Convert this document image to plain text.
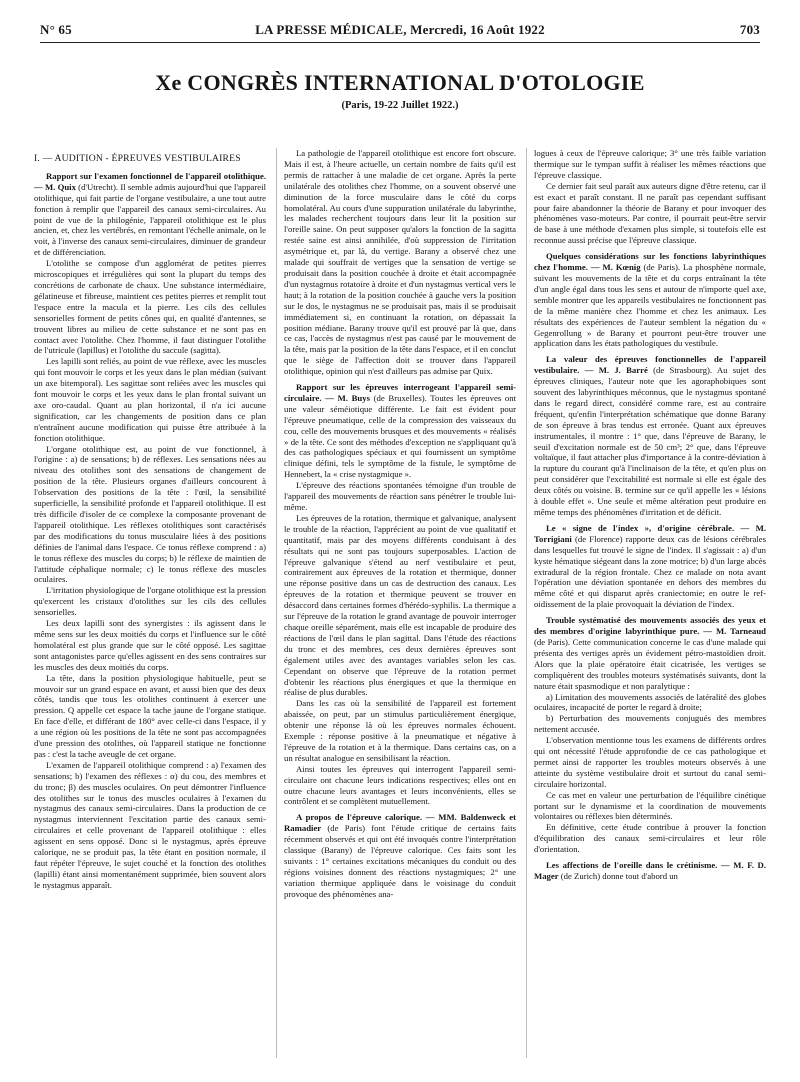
N° 65	LA PRESSE MÉDICALE, Mercredi, 16 Août 1922	703
Xe CONGRÈS INTERNATIONAL D'OTOLOGIE
(Paris, 19-22 Juillet 1922.)
I. — AUDITION - ÉPREUVES VESTIBULAIRES

Rapport sur l'examen fonctionnel de l'appareil otolithique. — M. Quix (d'Utrecht). Il semble admis aujourd'hui que l'appareil otolithique, qui fait partie de l'organe vestibulaire, a une tout autre fonction à remplir que l'appareil des canaux semi-circulaires. Au point de vue de la philogénie, l'appareil otolithique est le plus ancien, et, chez les vertébrés, en remontant l'échelle animale, on le voit, à l'inverse des canaux semi-circulaires, diminuer de grandeur et de différenciation.

L'otolithe se compose d'un agglomérat de petites pierres microscopiques et irrégulières qui sont la plupart du temps des concrétions de carbonate de chaux. Une substance intermédiaire, gélatineuse et fibreuse, maintient ces petites pierres et remplit tout l'espace entre la macula et la pierre. Les cils des cellules sensorielles forment de petits cônes qui, en qualité d'antennes, se trouvent libres au milieu de cette substance et ne sont pas en contact avec l'otolithe. Chez l'homme, il faut distinguer l'otolithe de l'utricule (lapillus) et l'otolithe du saccule (sagitta).

Les lapilli sont reliés, au point de vue réflexe, avec les muscles qui font mouvoir le corps et les yeux dans le plan médian (suivant un axe bitemporal). Les sagittae sont reliées avec les muscles qui font mouvoir le corps et les yeux dans le plan frontal suivant un axe oro-caudal. Quant au plan horizontal, il n'a ici aucune signification, car les changements de position dans ce plan n'entraînent aucune modification qui puisse être attribuée à la fonction otolithique.

L'organe otolithique est, au point de vue fonctionnel, à l'origine : a) de sensations; b) de réflexes. Les sensations nées au niveau des otolithes sont des sensations de changement de position de la tête. Plusieurs organes d'ailleurs concourent à l'observation des positions de la tête : l'œil, la sensibilité superficielle, la sensibilité profonde et l'appareil otolithique. Il est très difficile d'isoler de ce complexe la composante provenant de l'appareil otolithique. Les réflexes otolithiques sont caractérisés par des modifications du tonus musculaire liées à des positions définies de l'animal dans l'espace. Ce tonus réflexe comprend : a) le tonus réflexe des muscles du corps; b) le réflexe de maintien de l'attitude céphalique normale; c) le tonus réflexe des muscles oculaires.

L'irritation physiologique de l'organe otolithique est la pression qu'exercent les cristaux d'otolithes sur les cils des cellules sensorielles.

Les deux lapilli sont des synergistes : ils agissent dans le même sens sur les deux moitiés du corps et l'influence sur le côté homolatéral est plus grande que sur le côté opposé. Les sagittae sont antagonistes parce qu'elles agissent en des sens contraires sur les muscles des deux moitiés du corps.

La tête, dans la position physiologique habituelle, peut se mouvoir sur un grand espace en avant, et aussi bien que des deux côtés, tandis que tous les otolithes continuent à exercer une pression. Q appelle cet espace la tache jaune de l'organe statique. En face d'elle, et différant de 180° avec celle-ci dans l'espace, il y a une région où les positions de la tête ne sont pas accompagnées d'une pression des otolithes, où l'appareil statique ne fonctionne pas : c'est la tache aveugle de cet organe.

L'examen de l'appareil otolithique comprend : a) l'examen des sensations; b) l'examen des réflexes : α) du cou, des membres et du tronc; β) des muscles oculaires. On peut démontrer l'influence des otolithes sur le tonus des muscles oculaires à l'examen du nystagmus des canaux semi-circulaires. Dans la production de ce nystagmus interviennent l'excitation partie des canaux semi-circulaires et celle provenant de l'appareil otolithique : elles agissent en sens opposé. Donc si le nystagmus, après épreuve calorique, ne se produit pas, la tête étant en position normale, il faut répéter l'épreuve, le sujet couché et la fonction des otolithes (lapilli) étant ainsi momentanément supprimée, bien souvent alors le nystagmus apparaît.

La pathologie de l'appareil otolithique est encore fort obscure. Mais il est, à l'heure actuelle, un certain nombre de faits qu'il est permis de rattacher à une maladie de cet organe. Après la perte unilatérale des otolithes chez l'homme, on a souvent observé une diminution de la force musculaire dans le côté du corps homolatéral. Au cours d'une suppuration unilatérale du labyrinthe, les malades recherchent toujours dans leur lit la position sur l'oreille saine. On peut supposer qu'alors la fonction de la sagitta restée saine est ainsi annihilée, d'où suppression de l'irritation asymétrique et, par là, du vertige. Barany a observé chez une malade qui souffrait de vertiges que la sensation de vertige se produisait dans la position couchée à droite et était accompagnée d'un nystagmus rotatoire à droite et d'un nystagmus vertical vers le haut; à la rotation de la position couchée à gauche vers la position sur le dos, le nystagmus ne se produisait pas, mais il se produisait immédiatement si, en continuant la rotation, on dépassait la position médiane. Barany trouve qu'il est prouvé par là que, dans ce cas, l'accès de nystagmus n'est pas causé par le mouvement de la tête, mais par la position de la tête dans l'espace, et il en conclut que le siège de l'affection doit se trouver dans l'appareil otolithique, opinion qui n'est d'ailleurs pas admise par Quix.

Rapport sur les épreuves interrogeant l'appareil semi-circulaire. — M. Buys (de Bruxelles). Toutes les épreuves ont une valeur séméiotique différente. Le fait est évident pour l'épreuve pneumatique, celle de la compression des vaisseaux du cou, celle des mouvements brusques et des mouvements « réalisés » de la tête. Ce sont des méthodes d'exception ne s'appliquant qu'à des cas pathologiques spéciaux et qui fournissent un symptôme clinique défini, tels le symptôme de la fistule, le symptôme de Hennebert, la « crise nystagmique ».

L'épreuve des réactions spontanées témoigne d'un trouble de l'appareil des mouvements de réaction sans pénétrer le trouble lui-même.

Les épreuves de la rotation, thermique et galvanique, analysent le trouble de la réaction, l'apprécient au point de vue qualitatif et quantitatif, mais par des moyens différents conduisant à des résultats qui ne sont pas toujours superposables. L'action de l'épreuve galvanique s'étend au nerf vestibulaire et peut, contrairement aux épreuves de la rotation et thermique, donner une réponse positive dans un cas de destruction des canaux. Les épreuves de la rotation et thermique peuvent se trouver en désaccord dans certaines formes d'hérédo-syphilis. La thermique a sur l'épreuve de la rotation le grand avantage de pouvoir interroger chaque oreille séparément, mais elle est incapable de produire des réactions de l'œil dans le plan sagittal. Dans l'étude des réactions du tronc et des membres, ces deux dernières épreuves sont également utiles avec des avantages variables selon les cas. Cependant on observe que l'épreuve de la rotation permet d'obtenir les réactions plus énergiques et que la thermique en réalise de plus durables.

Dans les cas où la sensibilité de l'appareil est fortement abaissée, on peut, par un stimulus particulièrement énergique, obtenir une réponse là où les épreuves normales échouent. Exemple : réponse positive à la pneumatique et négative à l'épreuve de la rotation et à la thermique. Dans certains cas, on a un résultat analogue en sensibilisant la réaction.

Ainsi toutes les épreuves qui interrogent l'appareil semi-circulaire ont chacune leurs indications respectives; elles ont en outre chacune leurs avantages et leurs inconvénients, elles se contrôlent et se complètent mutuellement.

A propos de l'épreuve calorique. — MM. Baldenweck et Ramadier (de Paris) font l'étude critique de certains faits récemment observés et qui ont été invoqués contre l'interprétation classique (Barany) de l'épreuve calorique. Ces faits sont les suivants : 1° certaines excitations mécaniques du conduit ou des régions voisines donnent des réactions nystagmiques; 2° une variation thermique appliquée dans le voisinage du conduit provoque des phénomènes ana-

logues à ceux de l'épreuve calorique; 3° une très faible variation thermique sur le tympan suffit à réaliser les mêmes réactions que l'épreuve classique.

Ce dernier fait seul paraît aux auteurs digne d'être retenu, car il est exact et paraît constant. Il ne paraît pas cependant suffisant pour faire abandonner la théorie de Barany et pour invoquer des phénomènes vaso-moteurs. Par contre, il pourrait peut-être servir de base à une méthode d'examen plus simple, si toutefois elle est reconnue aussi précise que l'épreuve classique.

Quelques considérations sur les fonctions labyrinthiques chez l'homme. — M. Kœnig (de Paris). La phosphène normale, suivant les mouvements de la tête et du corps entraînant la tête d'un angle égal dans tous les sens et autour de n'importe quel axe, semble montrer que les appareils vestibulaires ne fonctionnent pas de la même manière chez l'homme et chez les animaux. Les résultats des expériences de l'auteur semblent la négation du « Gegenrollung » de Barany et pourront peut-être trouver une application dans les états pathologiques du vestibule.

La valeur des épreuves fonctionnelles de l'appareil vestibulaire. — M. J. Barré (de Strasbourg). Au sujet des épreuves cliniques, l'auteur note que les agoraphobiques sont souvent des labyrinthiques méconnus, que le nystagmus spontané dans le regard direct, considéré comme rare, est au contraire fréquent, qu'enfin l'interprétation schématique que donne Barany de son épreuve à bras tendus est erronée. Quant aux épreuves instrumentales, il montre : 1° que, dans l'épreuve de Barany, le seuil d'excitation normale est de 50 cm³; 2° que, dans l'épreuve voltaïque, il faut attacher plus d'importance à la contre-déviation à la rupture du courant qu'à l'inclinaison de la tête, et qu'en plus on peut considérer que l'excitabilité est normale si elle est égale des deux côtés ou voisine. B. termine sur ce qu'il appelle les « lésions à double effet ». Une seule et même altération peut produire en même temps des phénomènes d'irritation et de déficit.

Le « signe de l'index », d'origine cérébrale. — M. Torrigiani (de Florence) rapporte deux cas de lésions cérébrales dans lesquelles fut trouvé le signe de l'index. Il s'agissait : a) d'un kyste hématique siégeant dans la zone motrice; b) d'un large abcès extradural de la région frontale. Chez ce malade on nota avant l'opération une déviation spontanée en dehors des membres du même côté et qui disparut après craniectomie; en outre le ref-oidissement de la plaie provoquait la déviation de l'index.

Trouble systématisé des mouvements associés des yeux et des membres d'origine labyrinthique pure. — M. Tarneaud (de Paris). Cette communication concerne le cas d'une malade qui présenta des vertiges après un évidement pétro-mastoïdien droit. Alors que la plaie opératoire était cicatrisée, les vertiges se compliquèrent des troubles moteurs systématisés suivants, dont la nature était spasmodique et non paralytique :

a) Limitation des mouvements associés de latéralité des globes oculaires, incapacité de porter le regard à droite;

b) Perturbation des mouvements conjugués des membres nettement accusée.

L'observation mentionne tous les examens de différents ordres qui ont nécessité l'étude approfondie de ce cas pathologique et permet ainsi de rapporter les troubles moteurs observés à une atteinte du système vestibulaire droit et surtout du canal semi-circulaire horizontal.

Ce cas met en valeur une perturbation de l'équilibre cinétique portant sur le dynamisme et la coordination de mouvements volontaires ou réflexes bien déterminés.

En définitive, cette étude contribue à prouver la fonction d'équilibration des canaux semi-circulaires et leur rôle d'orientation.

Les affections de l'oreille dans le crétinisme. — M. F. D. Mager (de Zurich) donne tout d'abord un
